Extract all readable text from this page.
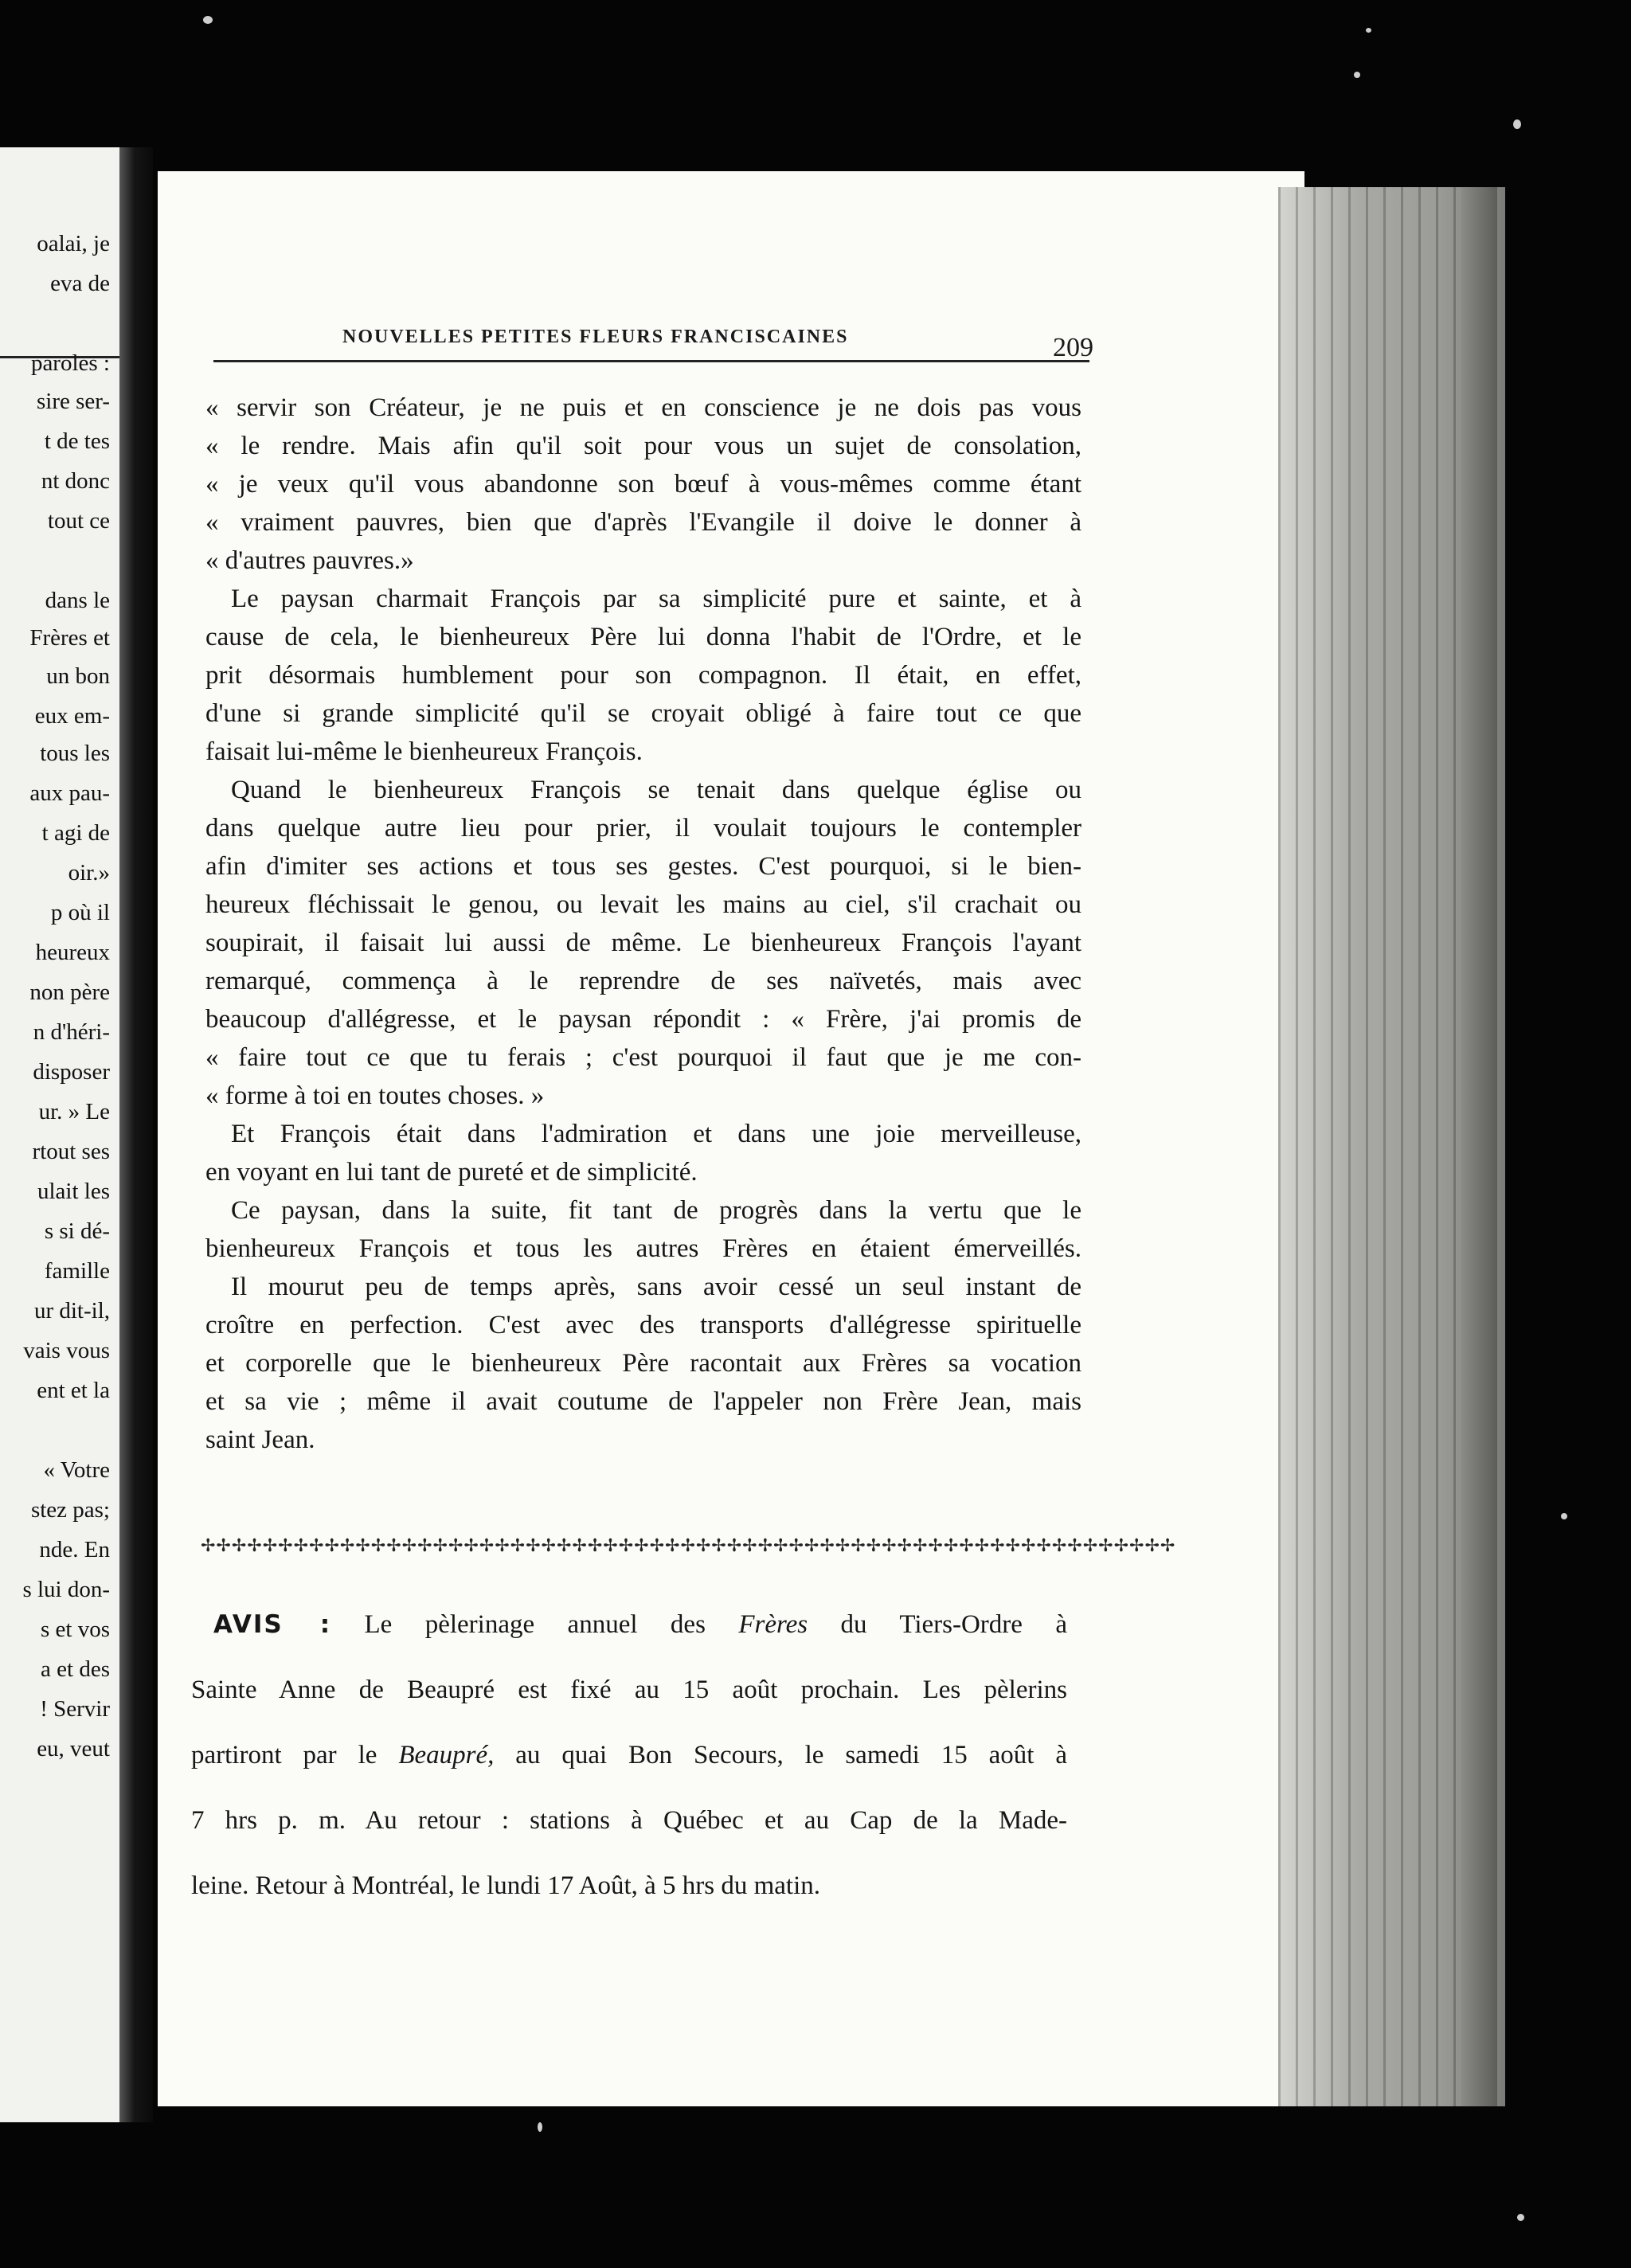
oalai, je
eva de
paroles :
sire ser-
t de tes
nt donc
tout ce
dans le
Frères et
un bon
eux em-
tous les
aux pau-
t agi de
oir.»
p où il
heureux
non père
n d'héri-
disposer
ur. » Le
rtout ses
ulait les
s si dé-
famille
ur dit-il,
vais vous
ent et la
« Votre
stez pas;
nde. En
s lui don-
s et vos
a et des
! Servir
eu, veut
NOUVELLES PETITES FLEURS FRANCISCAINES	209
« servir son Créateur, je ne puis et en conscience je ne dois pas vous
« le rendre. Mais afin qu'il soit pour vous un sujet de consolation,
« je veux qu'il vous abandonne son bœuf à vous-mêmes comme étant
« vraiment pauvres, bien que d'après l'Evangile il doive le donner à
« d'autres pauvres.»
Le paysan charmait François par sa simplicité pure et sainte, et à
cause de cela, le bienheureux Père lui donna l'habit de l'Ordre, et le
prit désormais humblement pour son compagnon. Il était, en effet,
d'une si grande simplicité qu'il se croyait obligé à faire tout ce que
faisait lui-même le bienheureux François.
Quand le bienheureux François se tenait dans quelque église ou
dans quelque autre lieu pour prier, il voulait toujours le contempler
afin d'imiter ses actions et tous ses gestes. C'est pourquoi, si le bien-
heureux fléchissait le genou, ou levait les mains au ciel, s'il crachait ou
soupirait, il faisait lui aussi de même. Le bienheureux François l'ayant
remarqué, commença à le reprendre de ses naïvetés, mais avec
beaucoup d'allégresse, et le paysan répondit : « Frère, j'ai promis de
« faire tout ce que tu ferais ; c'est pourquoi il faut que je me con-
« forme à toi en toutes choses. »
Et François était dans l'admiration et dans une joie merveilleuse,
en voyant en lui tant de pureté et de simplicité.
Ce paysan, dans la suite, fit tant de progrès dans la vertu que le
bienheureux François et tous les autres Frères en étaient émerveillés.
Il mourut peu de temps après, sans avoir cessé un seul instant de
croître en perfection. C'est avec des transports d'allégresse spirituelle
et corporelle que le bienheureux Père racontait aux Frères sa vocation
et sa vie ; même il avait coutume de l'appeler non Frère Jean, mais
saint Jean.
✢✢✢✢✢✢✢✢✢✢✢✢✢✢✢✢✢✢✢✢✢✢✢✢✢✢✢✢✢✢✢✢✢✢✢✢✢✢✢✢✢✢✢✢✢✢✢✢✢✢✢✢✢✢✢✢✢✢✢✢✢✢✢
AVIS : Le pèlerinage annuel des Frères du Tiers-Ordre à
Sainte Anne de Beaupré est fixé au 15 août prochain. Les pèlerins
partiront par le Beaupré, au quai Bon Secours, le samedi 15 août à
7 hrs p. m. Au retour : stations à Québec et au Cap de la Made-
leine. Retour à Montréal, le lundi 17 Août, à 5 hrs du matin.
